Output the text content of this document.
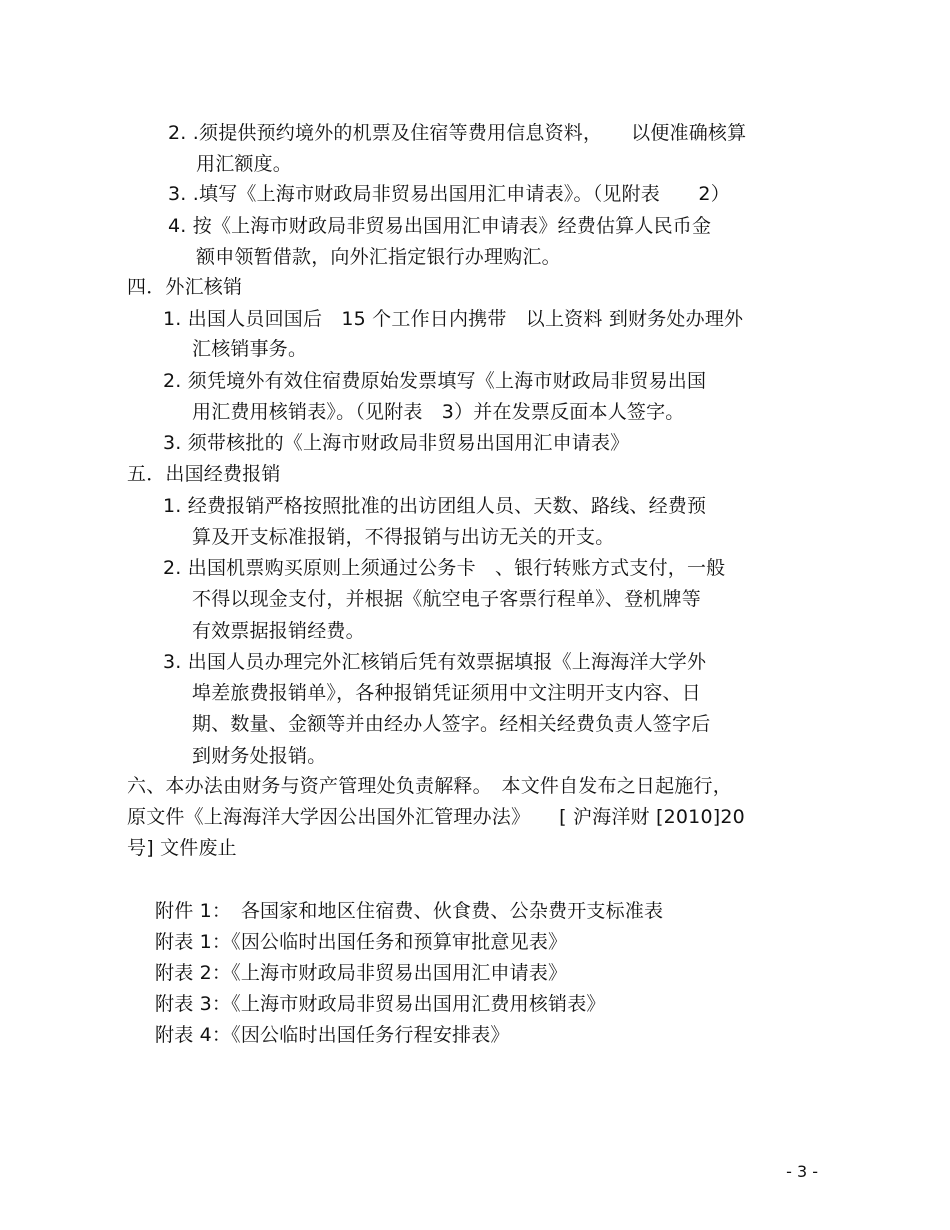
2. .须提供预约境外的机票及住宿等费用信息资料，　　以便准确核算
用汇额度。
3. .填写《上海市财政局非贸易出国用汇申请表》。（见附表　　2）
4. 按《上海市财政局非贸易出国用汇申请表》经费估算人民币金
额申领暂借款，向外汇指定银行办理购汇。
四．外汇核销
1. 出国人员回国后　15 个工作日内携带　以上资料 到财务处办理外
汇核销事务。
2. 须凭境外有效住宿费原始发票填写《上海市财政局非贸易出国
用汇费用核销表》。（见附表　3）并在发票反面本人签字。
3. 须带核批的《上海市财政局非贸易出国用汇申请表》
五．出国经费报销
1. 经费报销严格按照批准的出访团组人员、天数、路线、经费预
算及开支标准报销，不得报销与出访无关的开支。
2. 出国机票购买原则上须通过公务卡　、银行转账方式支付，一般
不得以现金支付，并根据《航空电子客票行程单》、登机牌等
有效票据报销经费。
3. 出国人员办理完外汇核销后凭有效票据填报《上海海洋大学外
埠差旅费报销单》，各种报销凭证须用中文注明开支内容、日
期、数量、金额等并由经办人签字。经相关经费负责人签字后
到财务处报销。
六、本办法由财务与资产管理处负责解释。　本文件自发布之日起施行，
原文件《上海海洋大学因公出国外汇管理办法》　　[ 沪海洋财 [2010]20
号] 文件废止
附件 1：　各国家和地区住宿费、伙食费、公杂费开支标准表
附表 1：《因公临时出国任务和预算审批意见表》
附表 2：《上海市财政局非贸易出国用汇申请表》
附表 3：《上海市财政局非贸易出国用汇费用核销表》
附表 4：《因公临时出国任务行程安排表》
- 3 -
